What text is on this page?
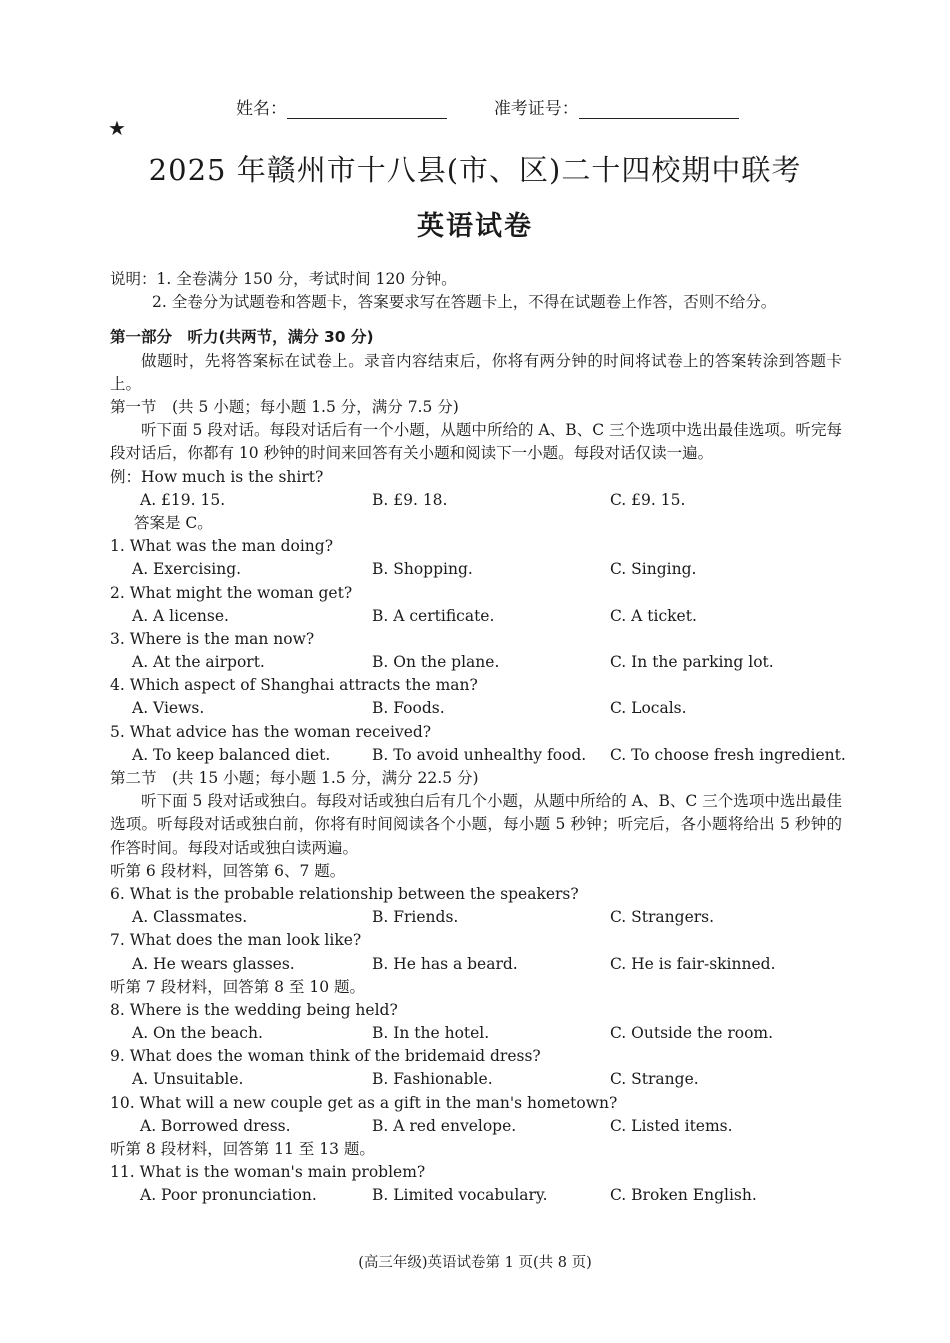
姓名：	准考证号：
★
2025 年赣州市十八县(市、区)二十四校期中联考
英语试卷
说明：1. 全卷满分 150 分，考试时间 120 分钟。
2. 全卷分为试题卷和答题卡，答案要求写在答题卡上，不得在试题卷上作答，否则不给分。
第一部分　听力(共两节，满分 30 分)
做题时，先将答案标在试卷上。录音内容结束后，你将有两分钟的时间将试卷上的答案转涂到答题卡上。
第一节　(共 5 小题；每小题 1.5 分，满分 7.5 分)
听下面 5 段对话。每段对话后有一个小题，从题中所给的 A、B、C 三个选项中选出最佳选项。听完每段对话后，你都有 10 秒钟的时间来回答有关小题和阅读下一小题。每段对话仅读一遍。
例：How much is the shirt?
A. £19. 15.	B. £9. 18.	C. £9. 15.
答案是 C。
1. What was the man doing?
A. Exercising.	B. Shopping.	C. Singing.
2. What might the woman get?
A. A license.	B. A certificate.	C. A ticket.
3. Where is the man now?
A. At the airport.	B. On the plane.	C. In the parking lot.
4. Which aspect of Shanghai attracts the man?
A. Views.	B. Foods.	C. Locals.
5. What advice has the woman received?
A. To keep balanced diet.	B. To avoid unhealthy food. C. To choose fresh ingredient.
第二节　(共 15 小题；每小题 1.5 分，满分 22.5 分)
听下面 5 段对话或独白。每段对话或独白后有几个小题，从题中所给的 A、B、C 三个选项中选出最佳选项。听每段对话或独白前，你将有时间阅读各个小题，每小题 5 秒钟；听完后，各小题将给出 5 秒钟的作答时间。每段对话或独白读两遍。
听第 6 段材料，回答第 6、7 题。
6. What is the probable relationship between the speakers?
A. Classmates.	B. Friends.	C. Strangers.
7. What does the man look like?
A. He wears glasses.	B. He has a beard.	C. He is fair-skinned.
听第 7 段材料，回答第 8 至 10 题。
8. Where is the wedding being held?
A. On the beach.	B. In the hotel.	C. Outside the room.
9. What does the woman think of the bridemaid dress?
A. Unsuitable.	B. Fashionable.	C. Strange.
10. What will a new couple get as a gift in the man's hometown?
A. Borrowed dress.	B. A red envelope.	C. Listed items.
听第 8 段材料，回答第 11 至 13 题。
11. What is the woman's main problem?
A. Poor pronunciation.	B. Limited vocabulary.	C. Broken English.
(高三年级)英语试卷第 1 页(共 8 页)
